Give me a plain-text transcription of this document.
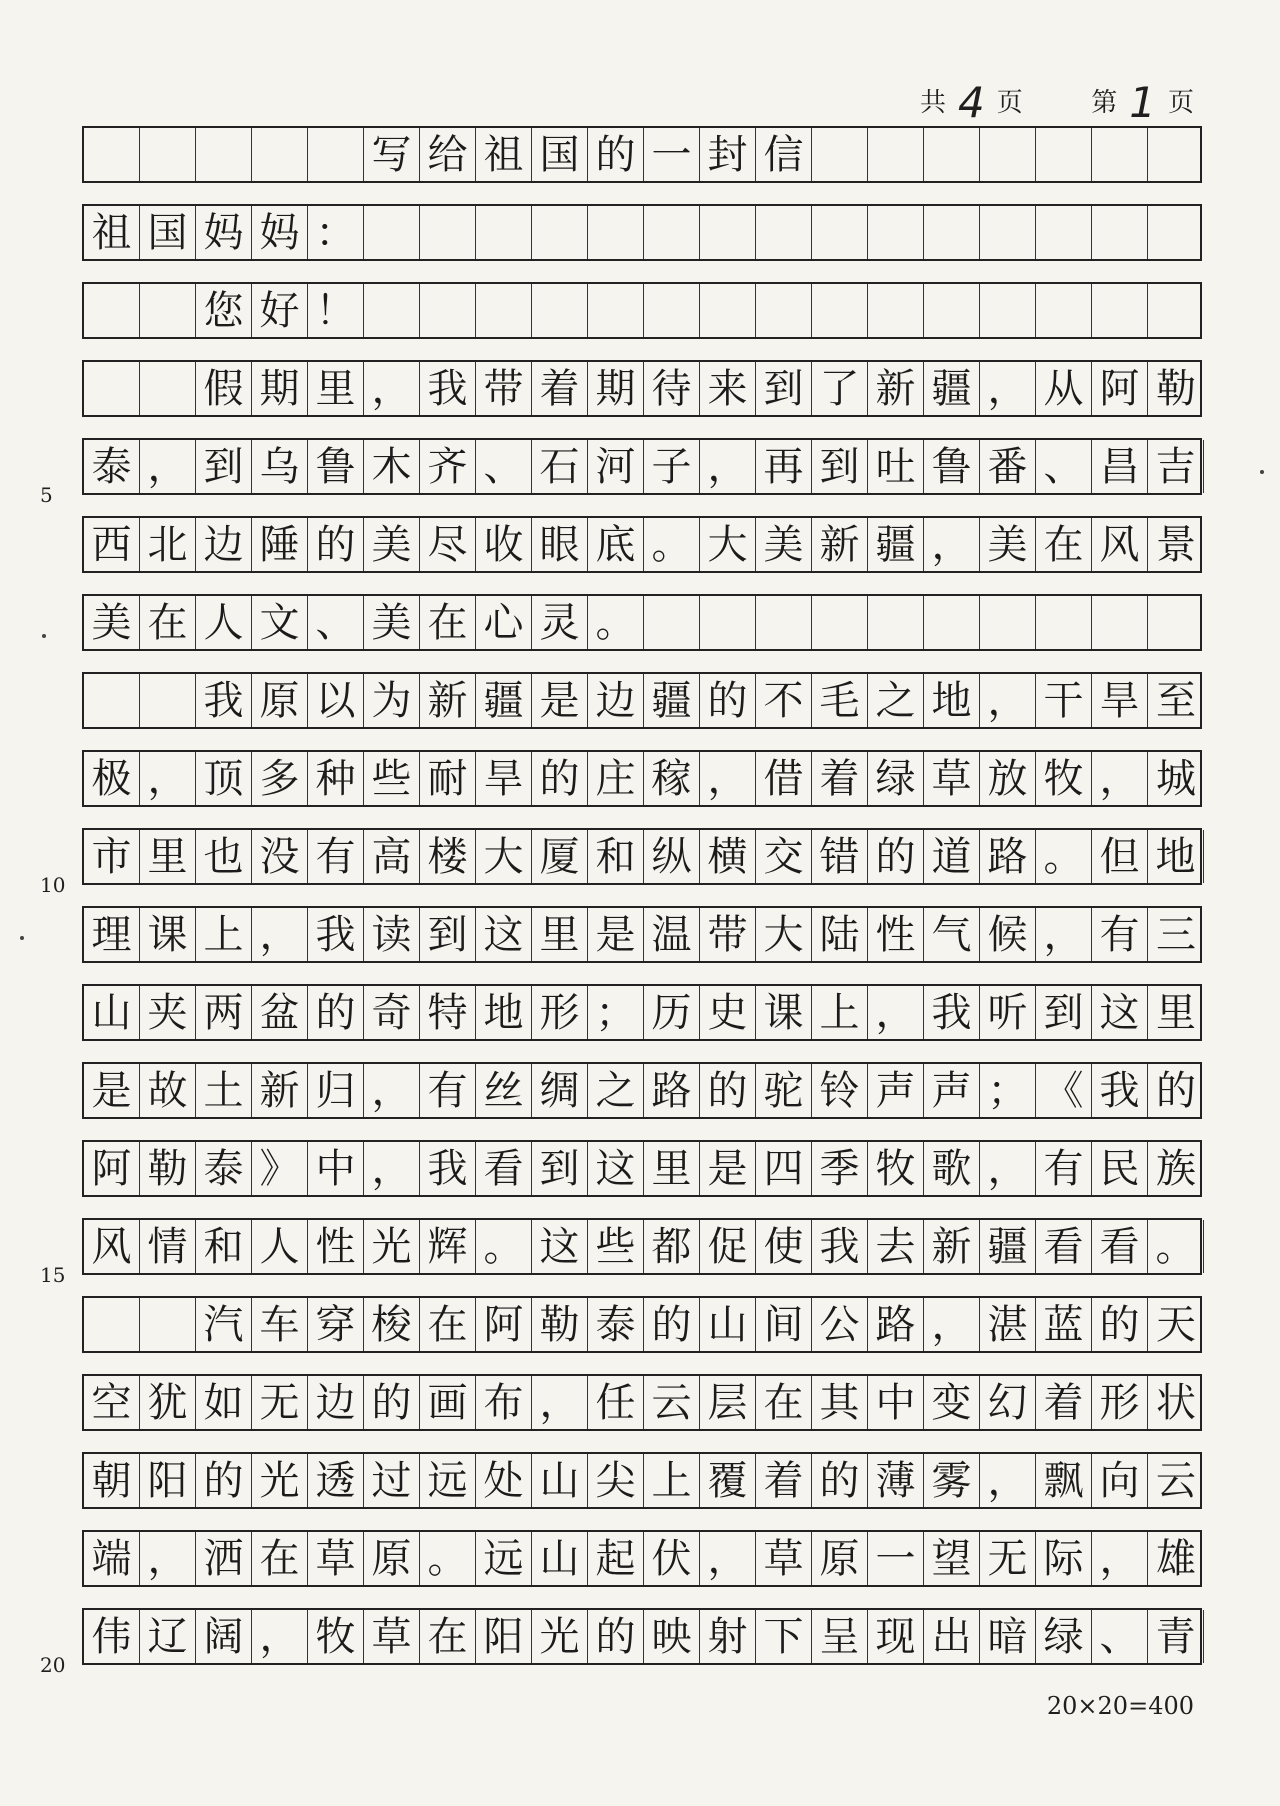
共 4 页	第 1 页
写 给 祖 国 的 一 封 信
祖 国 妈 妈 ：
您 好 ！
假 期 里 ， 我 带 着 期 待 来 到 了 新 疆 ， 从 阿 勒
泰 ， 到 乌 鲁 木 齐 、 石 河 子 ， 再 到 吐 鲁 番 、 昌 吉
5
西 北 边 陲 的 美 尽 收 眼 底 。 大 美 新 疆 ， 美 在 风 景
美 在 人 文 、 美 在 心 灵 。
我 原 以 为 新 疆 是 边 疆 的 不 毛 之 地 ， 干 旱 至
极 ， 顶 多 种 些 耐 旱 的 庄 稼 ， 借 着 绿 草 放 牧 ， 城
市 里 也 没 有 高 楼 大 厦 和 纵 横 交 错 的 道 路 。 但 地
10
理 课 上 ， 我 读 到 这 里 是 温 带 大 陆 性 气 候 ， 有 三
山 夹 两 盆 的 奇 特 地 形 ； 历 史 课 上 ， 我 听 到 这 里
是 故 土 新 归 ， 有 丝 绸 之 路 的 驼 铃 声 声 ； 《 我 的
阿 勒 泰 》 中 ， 我 看 到 这 里 是 四 季 牧 歌 ， 有 民 族
风 情 和 人 性 光 辉 。 这 些 都 促 使 我 去 新 疆 看 看 。
15
汽 车 穿 梭 在 阿 勒 泰 的 山 间 公 路 ， 湛 蓝 的 天
空 犹 如 无 边 的 画 布 ， 任 云 层 在 其 中 变 幻 着 形 状
朝 阳 的 光 透 过 远 处 山 尖 上 覆 着 的 薄 雾 ， 飘 向 云
端 ， 洒 在 草 原 。 远 山 起 伏 ， 草 原 一 望 无 际 ， 雄
伟 辽 阔 ， 牧 草 在 阳 光 的 映 射 下 呈 现 出 暗 绿 、 青
20
20×20=400
